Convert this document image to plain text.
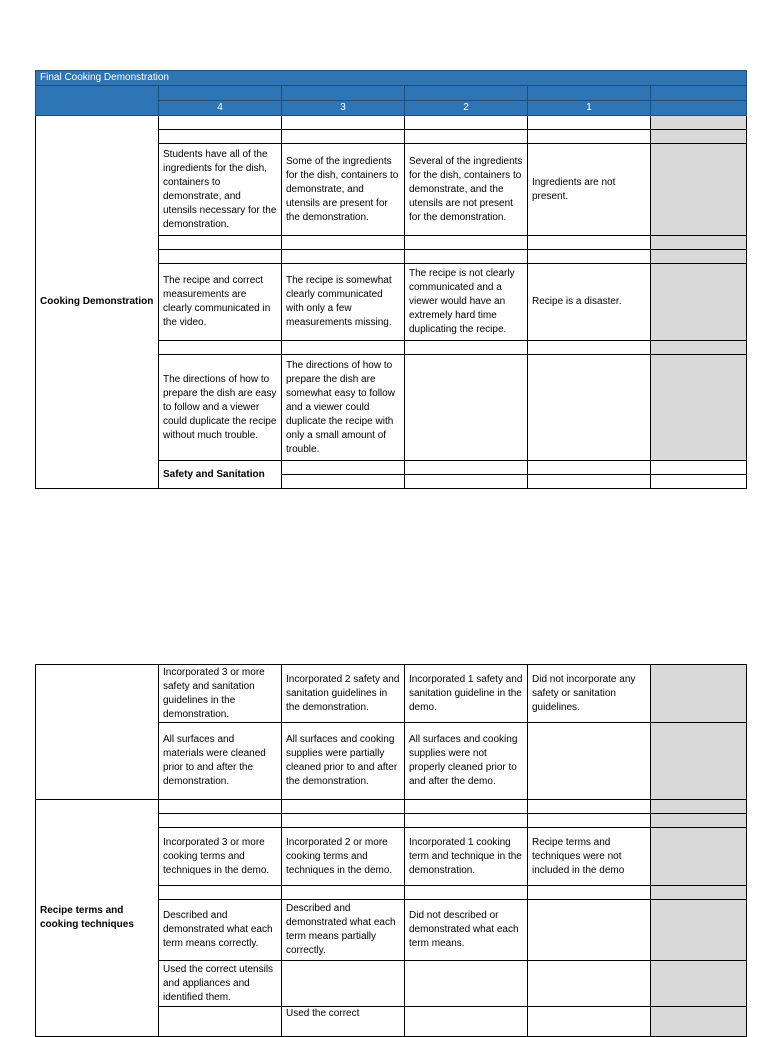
Final Cooking Demonstration						

	4	3	2	1		
Cooking Demonstration						

	Students have all of the ingredients for the dish, containers to demonstrate, and utensils necessary for the demonstration.	Some of the ingredients for the dish, containers to demonstrate, and utensils are present for the demonstration.	Several of the ingredients for the dish, containers to demonstrate, and the utensils are not present for the demonstration.	Ingredients are not present.		

	The recipe and correct measurements are clearly communicated in the video.	The recipe is somewhat clearly communicated with only a few measurements missing.	The recipe is not clearly communicated and a viewer would have an extremely hard time duplicating the recipe.	Recipe is a disaster.		

	The directions of how to prepare the dish are easy to follow and a viewer could duplicate the recipe without much trouble.	The directions of how to prepare the dish are somewhat easy to follow and a viewer could duplicate the recipe with only a small amount of trouble.				
	Safety and Sanitation					

	Incorporated 3 or more safety and sanitation guidelines in the demonstration.	Incorporated 2 safety and sanitation guidelines in the demonstration.	Incorporated 1 safety and sanitation guideline in the demo.	Did not incorporate any safety or sanitation guidelines.	
	All surfaces and materials were cleaned prior to and after the demonstration.	All surfaces and cooking supplies were partially cleaned prior to and after the demonstration.	All surfaces and cooking supplies were not properly cleaned prior to and after the demo.		
Recipe terms and cooking techniques					

	Incorporated 3 or more cooking terms and techniques in the demo.	Incorporated 2 or more cooking terms and techniques in the demo.	Incorporated 1 cooking term and technique in the demonstration.	Recipe terms and techniques were not included in the demo	

	Described and demonstrated what each term means correctly.	Described and demonstrated what each term means partially correctly.	Did not described or demonstrated what each term means.		
	Used the correct utensils and appliances and identified them.				
		Used the correct			
